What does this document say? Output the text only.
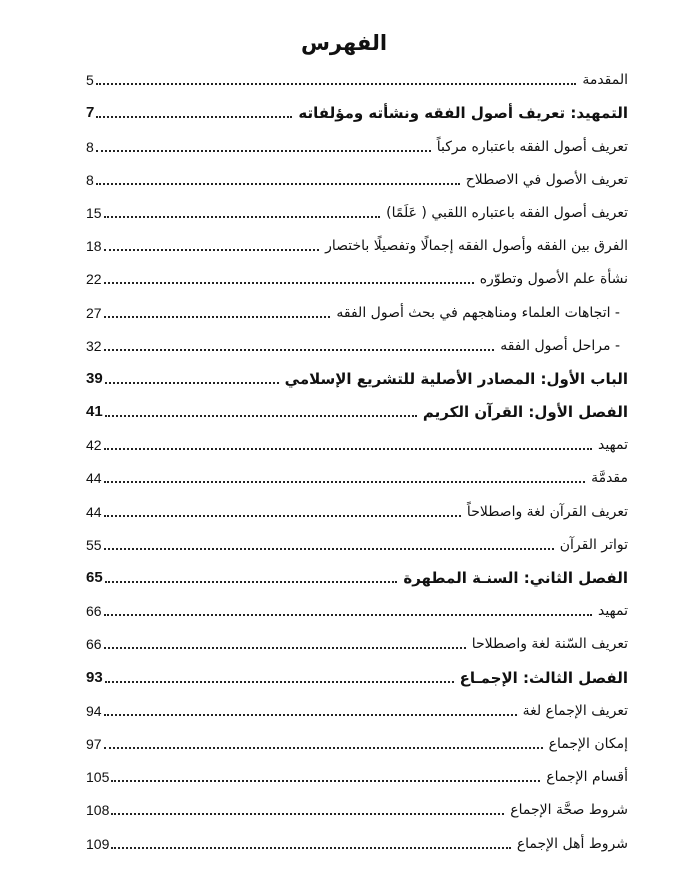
الفهرس
المقدمة
5
التمهيد: تعريف أصول الفقه ونشأته ومؤلفاته
7
تعريف أصول الفقه باعتباره مركباً
8
تعريف الأصول في الاصطلاح
8
تعريف أصول الفقه باعتباره اللقبي ( عَلَمًا)
15
الفرق بين الفقه وأصول الفقه إجمالًا وتفصيلًا باختصار
18
نشأة علم الأصول وتطوّره
22
- اتجاهات العلماء ومناهجهم في بحث أصول الفقه
27
- مراحل أصول الفقه
32
الباب الأول: المصادر الأصلية للتشريع الإسلامي
39
الفصل الأول: القرآن الكريم
41
تمهيد
42
مقدمَّة
44
تعريف القرآن لغة واصطلاحاً
44
تواتر القرآن
55
الفصل الثاني: السنـة المطهرة
65
تمهيد
66
تعريف السّنة لغة واصطلاحا
66
الفصل الثالث: الإجمـاع
93
تعريف الإجماع لغة
94
إمكان الإجماع
97
أقسام الإجماع
105
شروط صحَّة الإجماع
108
شروط أهل الإجماع
109
